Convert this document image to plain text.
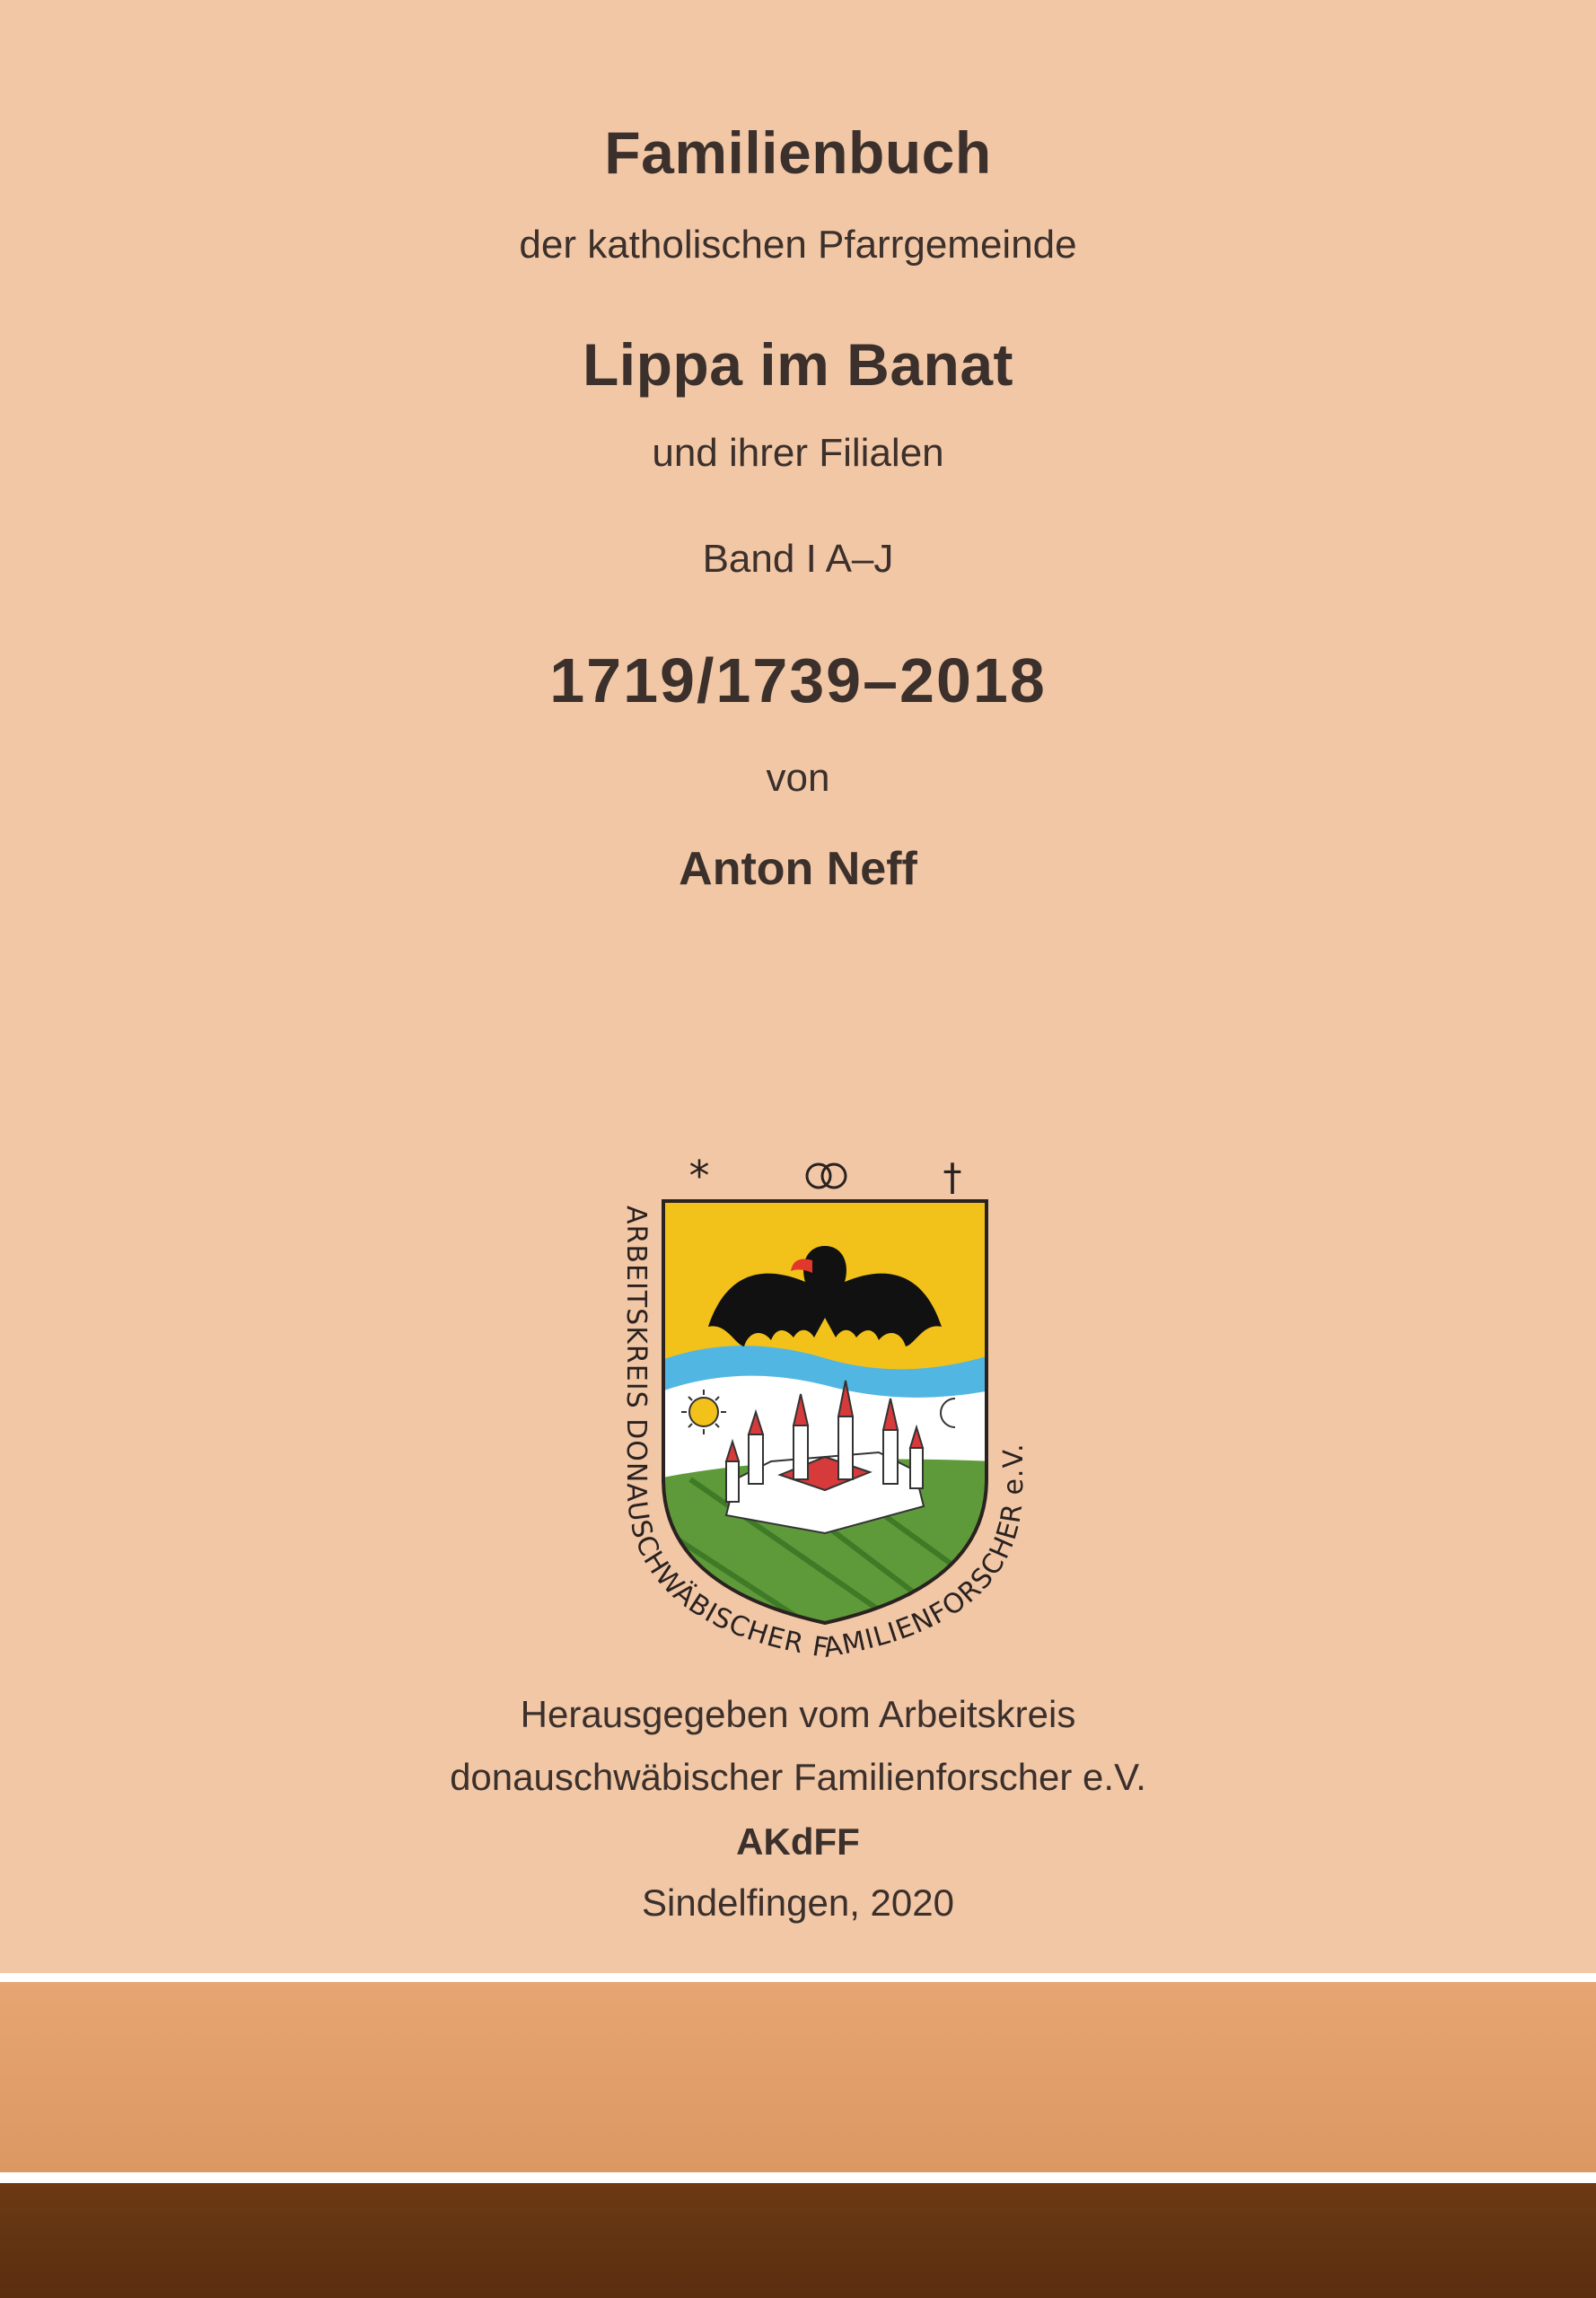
Familienbuch
der katholischen Pfarrgemeinde
Lippa im Banat
und ihrer Filialen
Band I A–J
1719/1739–2018
von
Anton Neff
*	†
ARBEITSKREIS DONAUSCHWÄBISCHER FAMILIENFORSCHER e.V.
Herausgegeben vom Arbeitskreis
donauschwäbischer Familienforscher e.V.
AKdFF
Sindelfingen, 2020
